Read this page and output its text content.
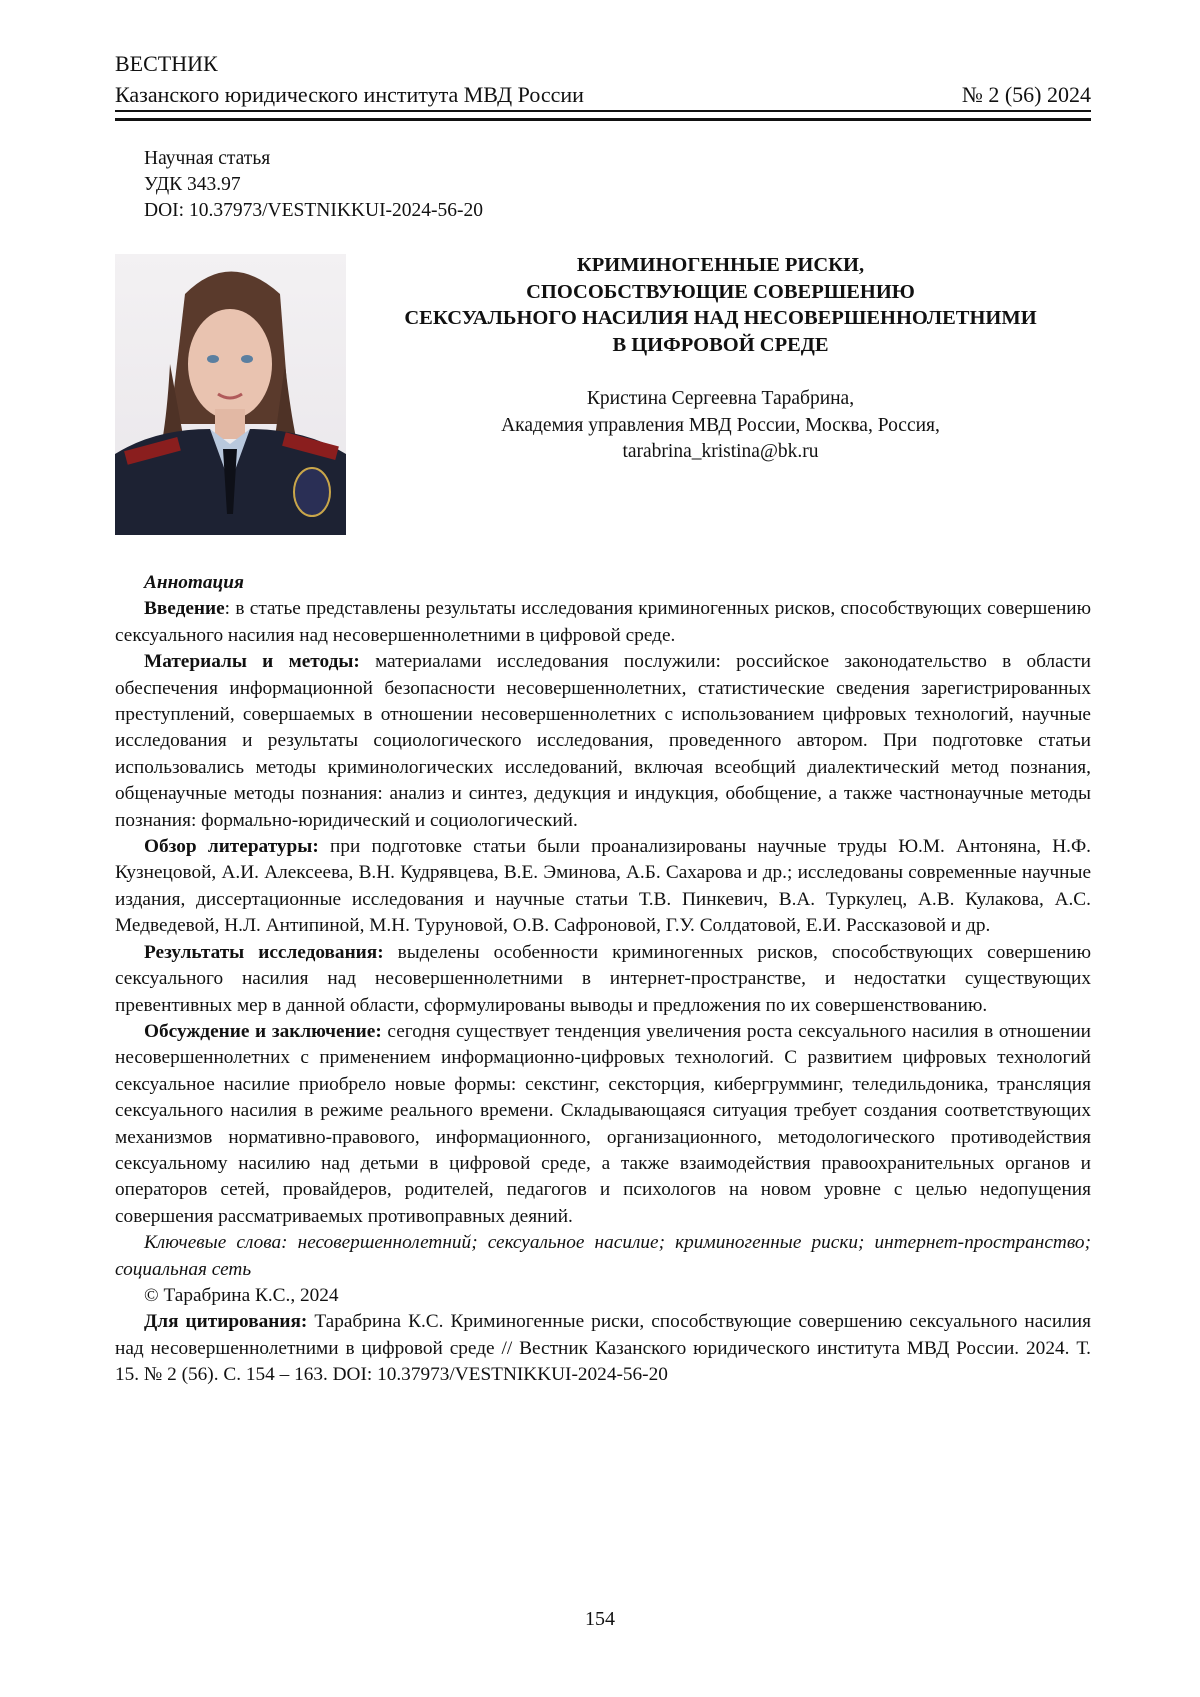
ВЕСТНИК
Казанского юридического института МВД России	№ 2 (56) 2024
Научная статья
УДК 343.97
DOI: 10.37973/VESTNIKKUI-2024-56-20
КРИМИНОГЕННЫЕ РИСКИ,
СПОСОБСТВУЮЩИЕ СОВЕРШЕНИЮ
СЕКСУАЛЬНОГО НАСИЛИЯ НАД НЕСОВЕРШЕННОЛЕТНИМИ
В ЦИФРОВОЙ СРЕДЕ
Кристина Сергеевна Тарабрина,
Академия управления МВД России, Москва, Россия,
tarabrina_kristina@bk.ru

Аннотация

Введение: в статье представлены результаты исследования криминогенных рисков, способствующих совершению сексуального насилия над несовершеннолетними в цифровой среде.

Материалы и методы: материалами исследования послужили: российское законодательство в области обеспечения информационной безопасности несовершеннолетних, статистические сведения зарегистрированных преступлений, совершаемых в отношении несовершеннолетних с использованием цифровых технологий, научные исследования и результаты социологического исследования, проведенного автором. При подготовке статьи использовались методы криминологических исследований, включая всеобщий диалектический метод познания, общенаучные методы познания: анализ и синтез, дедукция и индукция, обобщение, а также частнонаучные методы познания: формально-юридический и социологический.

Обзор литературы: при подготовке статьи были проанализированы научные труды Ю.М. Антоняна, Н.Ф. Кузнецовой, А.И. Алексеева, В.Н. Кудрявцева, В.Е. Эминова, А.Б. Сахарова и др.; исследованы современные научные издания, диссертационные исследования и научные статьи Т.В. Пинкевич, В.А. Туркулец, А.В. Кулакова, А.С. Медведевой, Н.Л. Антипиной, М.Н. Туруновой, О.В. Сафроновой, Г.У. Солдатовой, Е.И. Рассказовой и др.

Результаты исследования: выделены особенности криминогенных рисков, способствующих совершению сексуального насилия над несовершеннолетними в интернет-пространстве, и недостатки существующих превентивных мер в данной области, сформулированы выводы и предложения по их совершенствованию.

Обсуждение и заключение: сегодня существует тенденция увеличения роста сексуального насилия в отношении несовершеннолетних с применением информационно-цифровых технологий. С развитием цифровых технологий сексуальное насилие приобрело новые формы: секстинг, сексторция, кибергрумминг, теледильдоника, трансляция сексуального насилия в режиме реального времени. Складывающаяся ситуация требует создания соответствующих механизмов нормативно-правового, информационного, организационного, методологического противодействия сексуальному насилию над детьми в цифровой среде, а также взаимодействия правоохранительных органов и операторов сетей, провайдеров, родителей, педагогов и психологов на новом уровне с целью недопущения совершения рассматриваемых противоправных деяний.

Ключевые слова: несовершеннолетний; сексуальное насилие; криминогенные риски; интернет-пространство; социальная сеть

© Тарабрина К.С., 2024

Для цитирования: Тарабрина К.С. Криминогенные риски, способствующие совершению сексуального насилия над несовершеннолетними в цифровой среде // Вестник Казанского юридического института МВД России. 2024. Т. 15. № 2 (56). С. 154 – 163. DOI: 10.37973/VESTNIKKUI-2024-56-20

154
